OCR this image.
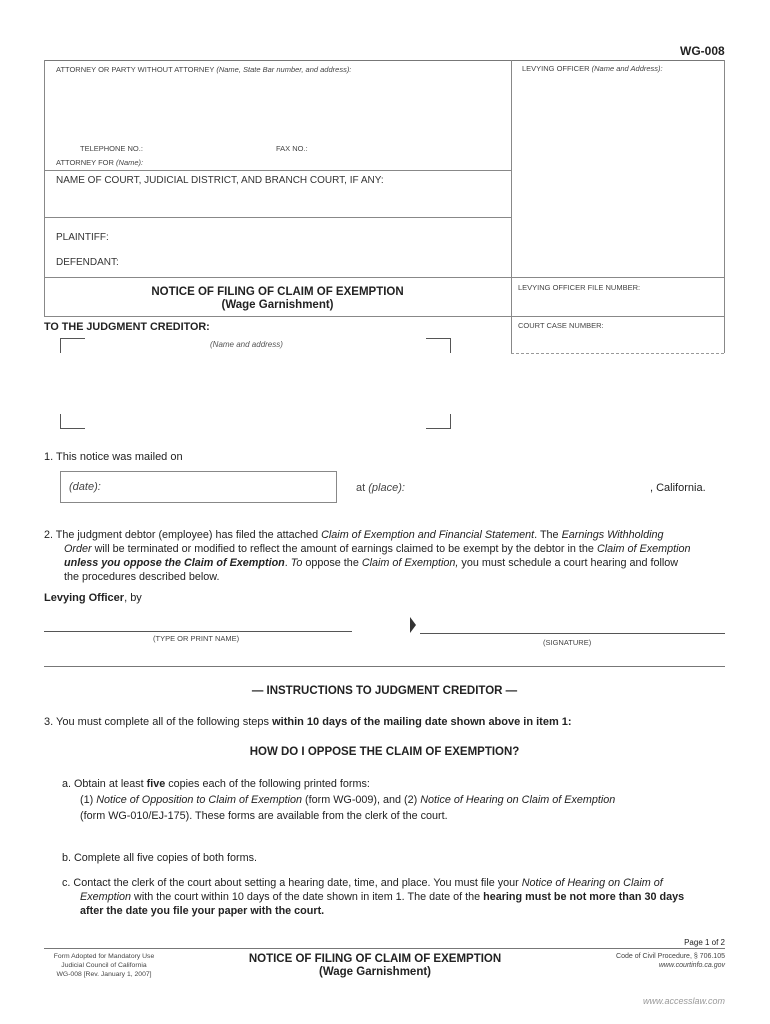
WG-008
ATTORNEY OR PARTY WITHOUT ATTORNEY (Name, State Bar number, and address):	LEVYING OFFICER (Name and Address):
TELEPHONE NO.:	FAX NO.:
ATTORNEY FOR (Name):
NAME OF COURT, JUDICIAL DISTRICT, AND BRANCH COURT, IF ANY:
PLAINTIFF:
DEFENDANT:
NOTICE OF FILING OF CLAIM OF EXEMPTION
(Wage Garnishment)
LEVYING OFFICER FILE NUMBER:
COURT CASE NUMBER:
TO THE JUDGMENT CREDITOR:
(Name and address)
1. This notice was mailed on
(date):	at (place):	, California.
2. The judgment debtor (employee) has filed the attached Claim of Exemption and Financial Statement. The Earnings Withholding
Order will be terminated or modified to reflect the amount of earnings claimed to be exempt by the debtor in the Claim of Exemption
unless you oppose the Claim of Exemption. To oppose the Claim of Exemption, you must schedule a court hearing and follow
the procedures described below.
Levying Officer, by
(TYPE OR PRINT NAME)	(SIGNATURE)
— INSTRUCTIONS TO JUDGMENT CREDITOR —
3. You must complete all of the following steps within 10 days of the mailing date shown above in item 1:
HOW DO I OPPOSE THE CLAIM OF EXEMPTION?
a. Obtain at least five copies each of the following printed forms:
(1) Notice of Opposition to Claim of Exemption (form WG-009), and (2) Notice of Hearing on Claim of Exemption
(form WG-010/EJ-175). These forms are available from the clerk of the court.
b. Complete all five copies of both forms.
c. Contact the clerk of the court about setting a hearing date, time, and place. You must file your Notice of Hearing on Claim of
Exemption with the court within 10 days of the date shown in item 1. The date of the hearing must be not more than 30 days
after the date you file your paper with the court.
Page 1 of 2
Form Adopted for Mandatory Use
Judicial Council of California
WG-008 [Rev. January 1, 2007]
NOTICE OF FILING OF CLAIM OF EXEMPTION
(Wage Garnishment)
Code of Civil Procedure, § 706.105
www.courtinfo.ca.gov
www.accesslaw.com
